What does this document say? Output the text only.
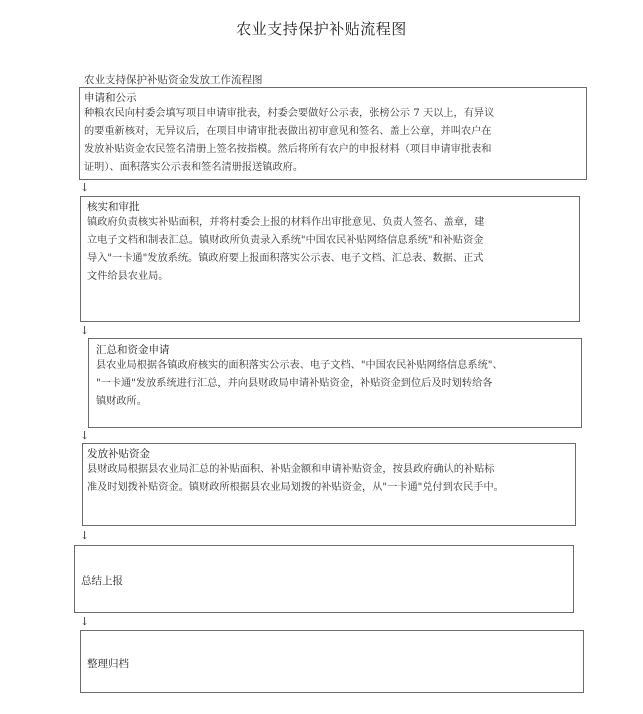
农业支持保护补贴流程图
农业支持保护补贴资金发放工作流程图
申请和公示
种粮农民向村委会填写项目申请审批表，村委会要做好公示表，张榜公示 7 天以上，有异议
的要重新核对，无异议后，在项目申请审批表做出初审意见和签名、盖上公章，并叫农户在
发放补贴资金农民签名清册上签名按指模。然后将所有农户的申报材料（项目申请审批表和
证明）、面积落实公示表和签名清册报送镇政府。
↓
核实和审批
镇政府负责核实补贴面积，并将村委会上报的材料作出审批意见、负责人签名、盖章，建
立电子文档和制表汇总。镇财政所负责录入系统"中国农民补贴网络信息系统"和补贴资金
导入"一卡通"发放系统。镇政府要上报面积落实公示表、电子文档、汇总表、数据、正式
文件给县农业局。
↓
汇总和资金申请
县农业局根据各镇政府核实的面积落实公示表、电子文档、"中国农民补贴网络信息系统"、
"一卡通"发放系统进行汇总，并向县财政局申请补贴资金，补贴资金到位后及时划转给各
镇财政所。
↓
发放补贴资金
县财政局根据县农业局汇总的补贴面积、补贴金额和申请补贴资金，按县政府确认的补贴标
准及时划拨补贴资金。镇财政所根据县农业局划拨的补贴资金，从"一卡通"兑付到农民手中。
↓
总结上报
↓
整理归档
